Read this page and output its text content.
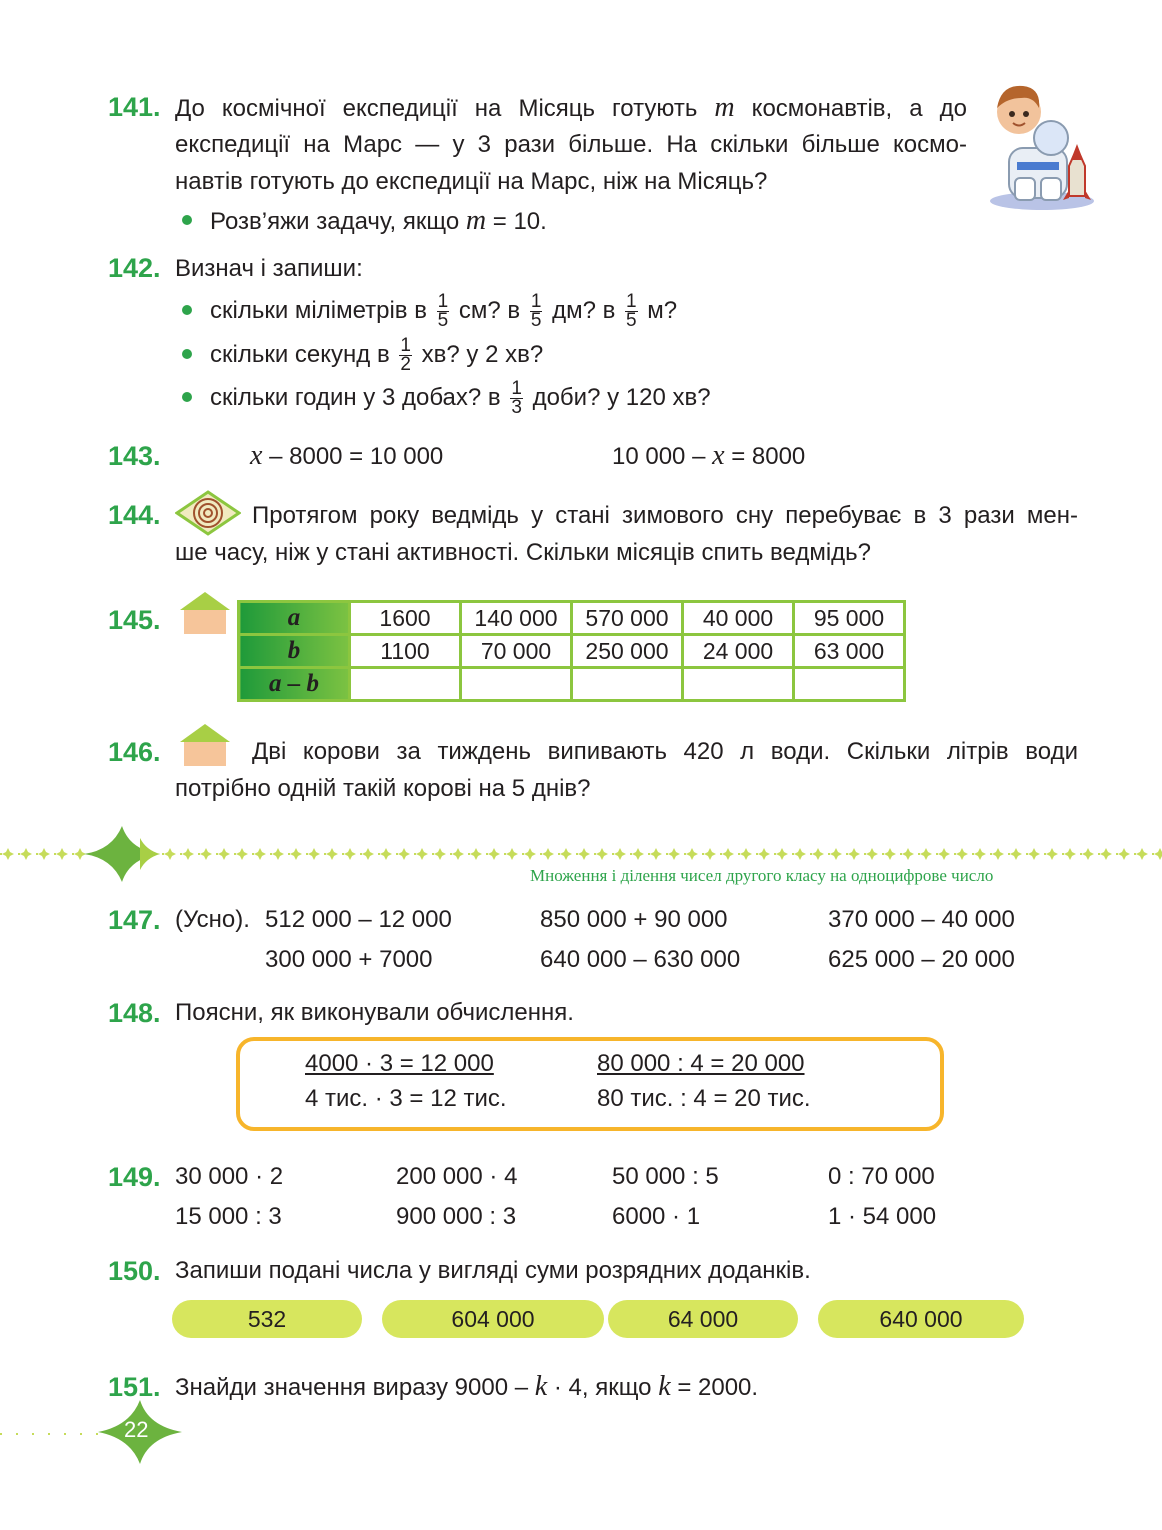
141. До космічної експедиції на Місяць готують m космонавтів, а до
експедиції на Марс — у 3 рази більше. На скільки більше космо-
навтів готують до експедиції на Марс, ніж на Місяць?
Розв’яжи задачу, якщо m = 10.
142. Визнач і запиши:
скільки міліметрів в $\frac{1}{5}$ см? в $\frac{1}{5}$ дм? в $\frac{1}{5} м$?
скільки секунд в $\frac{1}{2}$ хв? у 2 хв?
скільки годин у 3 добах? в $\frac{1}{3}$ доби? у 120 хв?
143.	x – 8000 = 10 000	10 000 – x = 8000
144.	Протягом року ведмідь у стані зимового сну перебуває в 3 рази мен-
ше часу, ніж у стані активності. Скільки місяців спить ведмідь?
145.	a	1600	140 000	570 000	40 000	95 000
b	1100	70 000	250 000	24 000	63 000
a – b					
146.	Дві корови за тиждень випивають 420 л води. Скільки літрів води
потрібно одній такій корові на 5 днів?
Множення і ділення чисел другого класу на одноцифрове число
147. (Усно). 512 000 – 12 000	850 000 + 90 000	370 000 – 40 000
300 000 + 7000	640 000 – 630 000	625 000 – 20 000
148. Поясни, як виконували обчислення.
4000 · 3 = 12 000
4 тис. · 3 = 12 тис.
80 000 : 4 = 20 000
80 тис. : 4 = 20 тис.
149. 30 000 · 2	200 000 · 4	50 000 : 5	0 : 70 000
15 000 : 3	900 000 : 3	6000 · 1	1 · 54 000
150. Запиши подані числа у вигляді суми розрядних доданків.
532	604 000	64 000	640 000
151. Знайди значення виразу 9000 – k · 4, якщо k = 2000.
22
